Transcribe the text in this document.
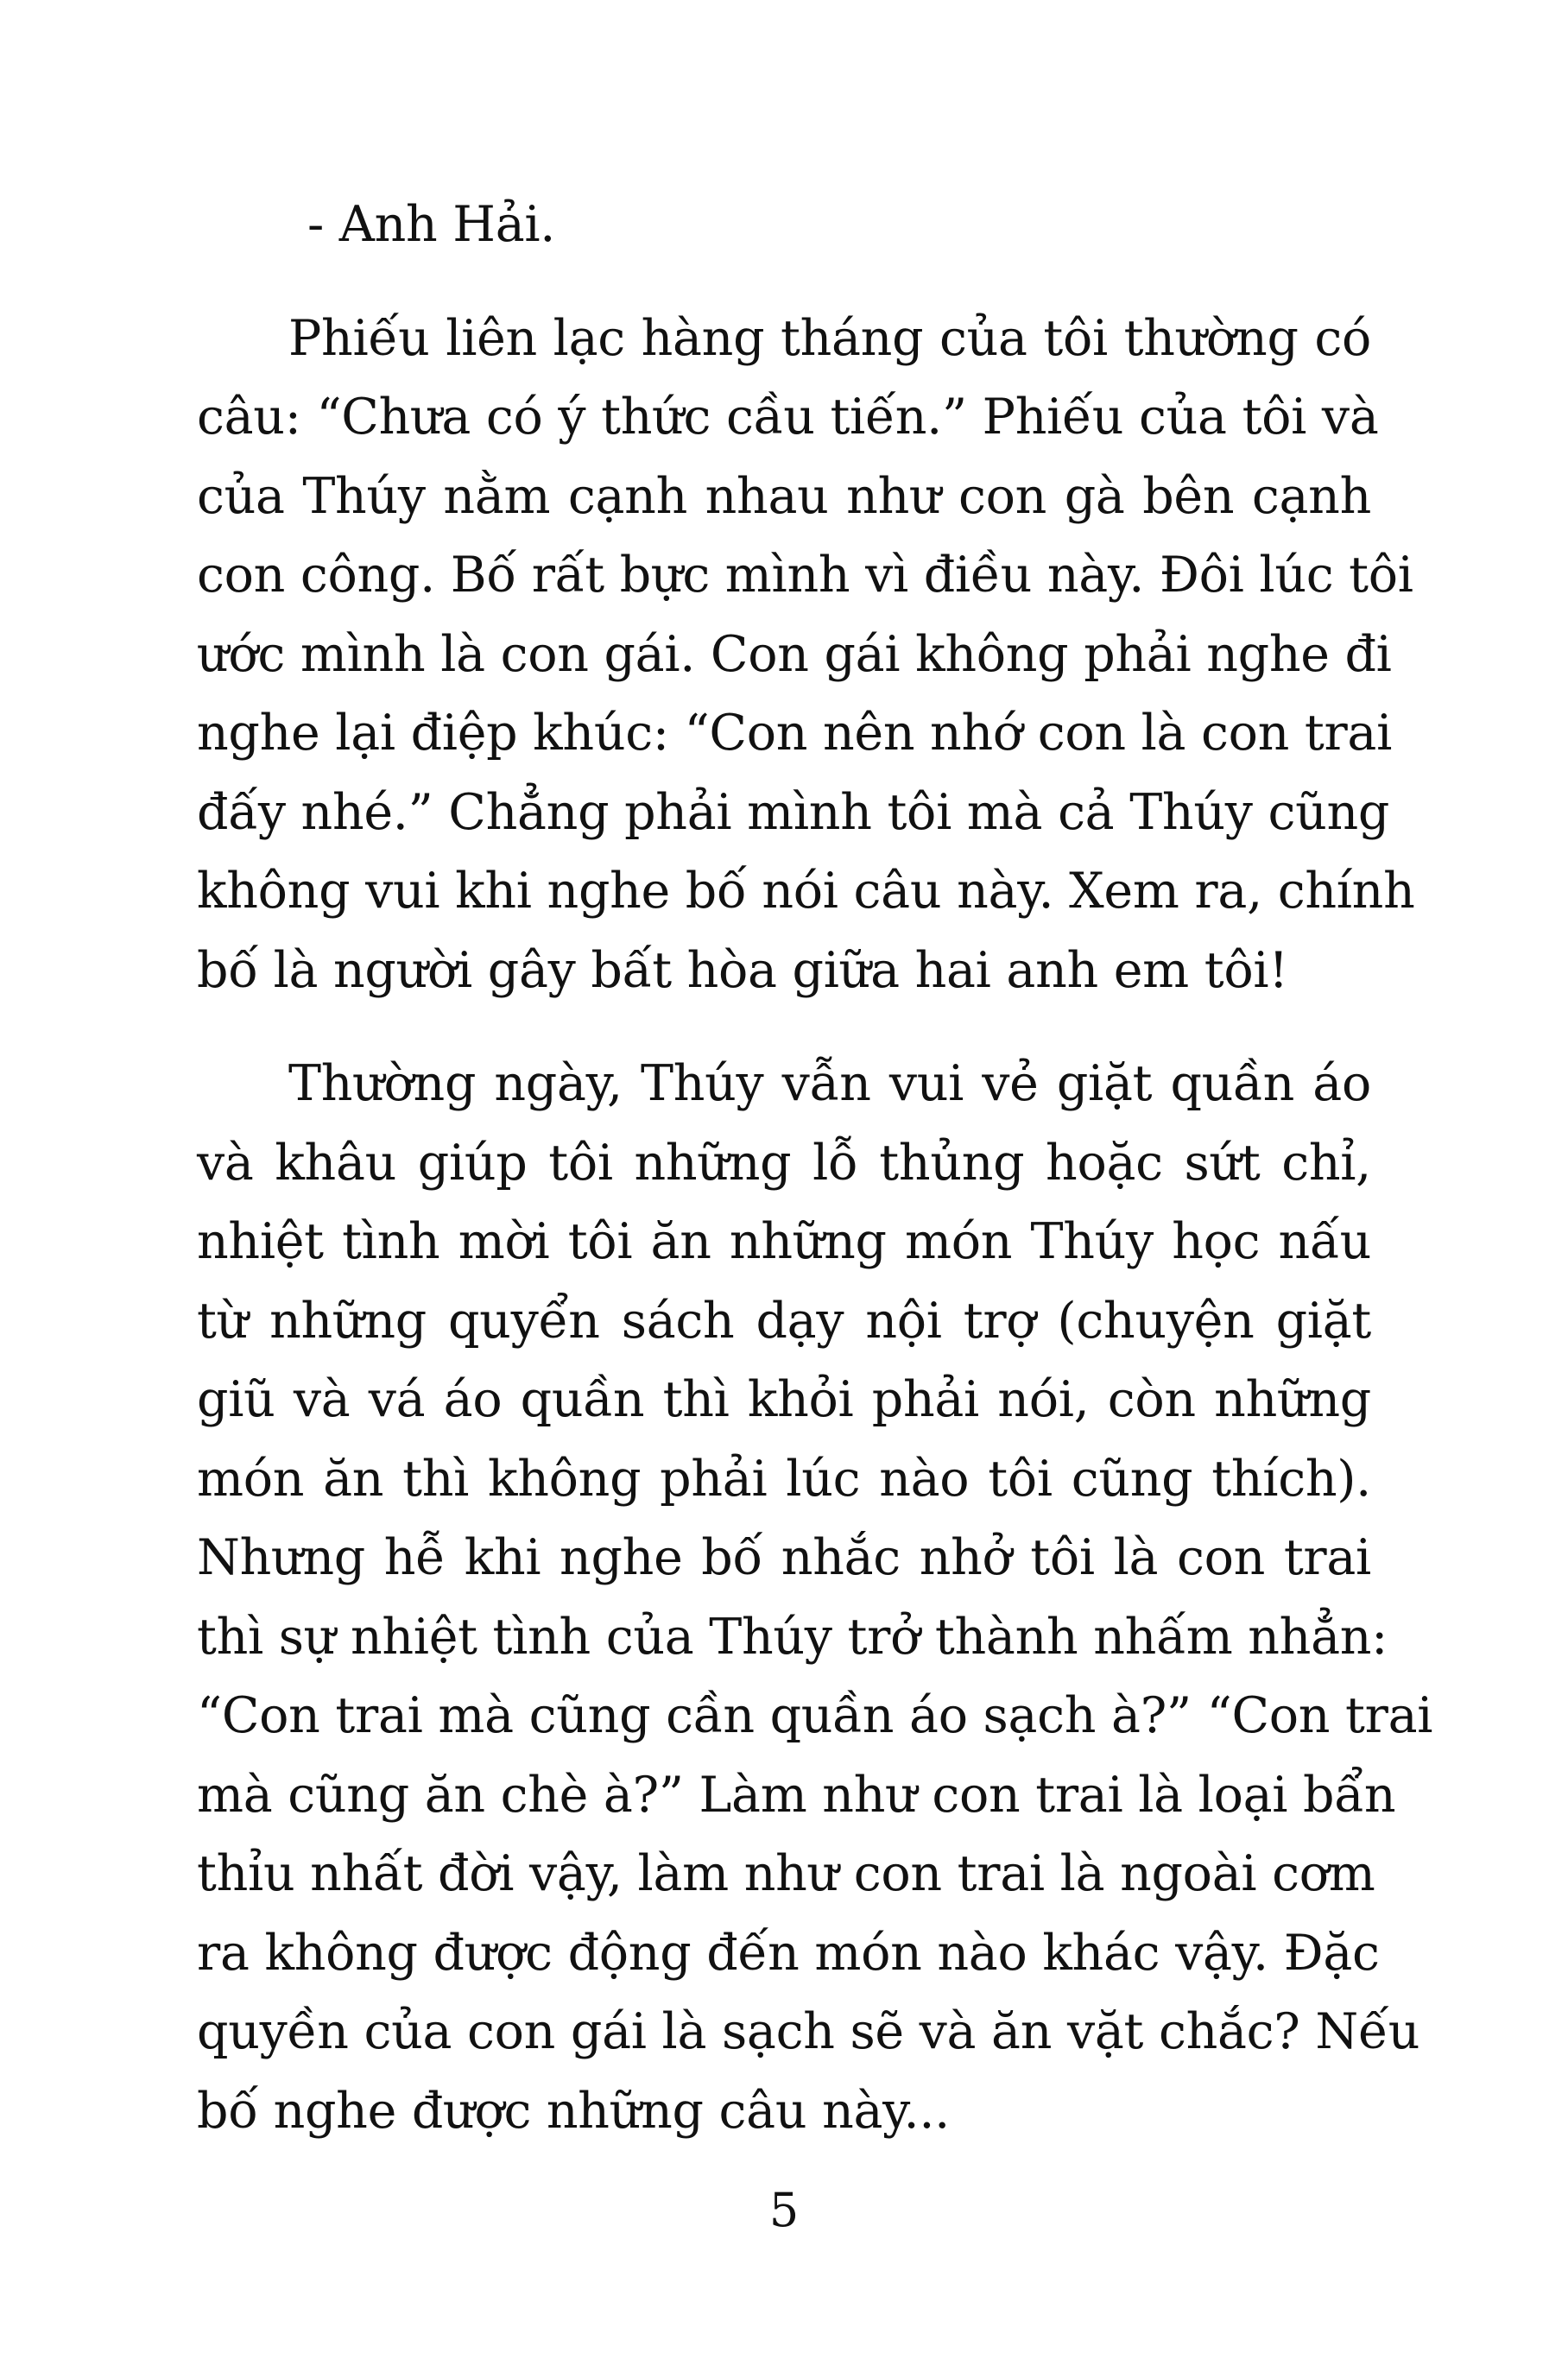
- Anh Hải.

Phiếu liên lạc hàng tháng của tôi thường có
câu: “Chưa có ý thức cầu tiến.” Phiếu của tôi và
của Thúy nằm cạnh nhau như con gà bên cạnh
con công. Bố rất bực mình vì điều này. Đôi lúc tôi
ước mình là con gái. Con gái không phải nghe đi
nghe lại điệp khúc: “Con nên nhớ con là con trai
đấy nhé.” Chẳng phải mình tôi mà cả Thúy cũng
không vui khi nghe bố nói câu này. Xem ra, chính
bố là người gây bất hòa giữa hai anh em tôi!

Thường ngày, Thúy vẫn vui vẻ giặt quần áo
và khâu giúp tôi những lỗ thủng hoặc sứt chỉ,
nhiệt tình mời tôi ăn những món Thúy học nấu
từ những quyển sách dạy nội trợ (chuyện giặt
giũ và vá áo quần thì khỏi phải nói, còn những
món ăn thì không phải lúc nào tôi cũng thích).
Nhưng hễ khi nghe bố nhắc nhở tôi là con trai
thì sự nhiệt tình của Thúy trở thành nhấm nhẳn:
“Con trai mà cũng cần quần áo sạch à?” “Con trai
mà cũng ăn chè à?” Làm như con trai là loại bẩn
thỉu nhất đời vậy, làm như con trai là ngoài cơm
ra không được động đến món nào khác vậy. Đặc
quyền của con gái là sạch sẽ và ăn vặt chắc? Nếu
bố nghe được những câu này...

5
